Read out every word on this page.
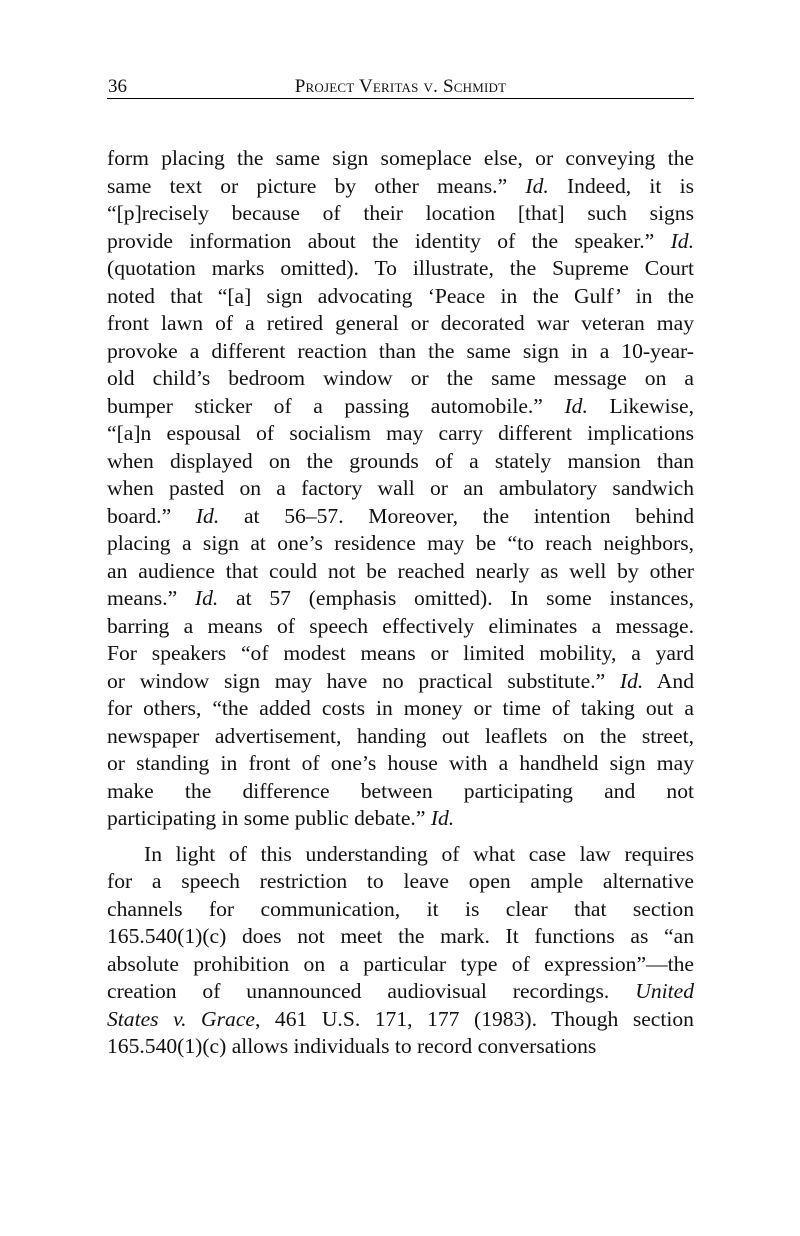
36	Project Veritas v. Schmidt
form placing the same sign someplace else, or conveying the
same text or picture by other means.” Id. Indeed, it is
“[p]recisely because of their location [that] such signs
provide information about the identity of the speaker.” Id.
(quotation marks omitted). To illustrate, the Supreme Court
noted that “[a] sign advocating ‘Peace in the Gulf’ in the
front lawn of a retired general or decorated war veteran may
provoke a different reaction than the same sign in a 10-year-
old child’s bedroom window or the same message on a
bumper sticker of a passing automobile.” Id. Likewise,
“[a]n espousal of socialism may carry different implications
when displayed on the grounds of a stately mansion than
when pasted on a factory wall or an ambulatory sandwich
board.” Id. at 56–57. Moreover, the intention behind
placing a sign at one’s residence may be “to reach neighbors,
an audience that could not be reached nearly as well by other
means.” Id. at 57 (emphasis omitted). In some instances,
barring a means of speech effectively eliminates a message.
For speakers “of modest means or limited mobility, a yard
or window sign may have no practical substitute.” Id. And
for others, “the added costs in money or time of taking out a
newspaper advertisement, handing out leaflets on the street,
or standing in front of one’s house with a handheld sign may
make the difference between participating and not
participating in some public debate.” Id.
In light of this understanding of what case law requires
for a speech restriction to leave open ample alternative
channels for communication, it is clear that section
165.540(1)(c) does not meet the mark. It functions as “an
absolute prohibition on a particular type of expression”—the
creation of unannounced audiovisual recordings. United
States v. Grace, 461 U.S. 171, 177 (1983). Though section
165.540(1)(c) allows individuals to record conversations
